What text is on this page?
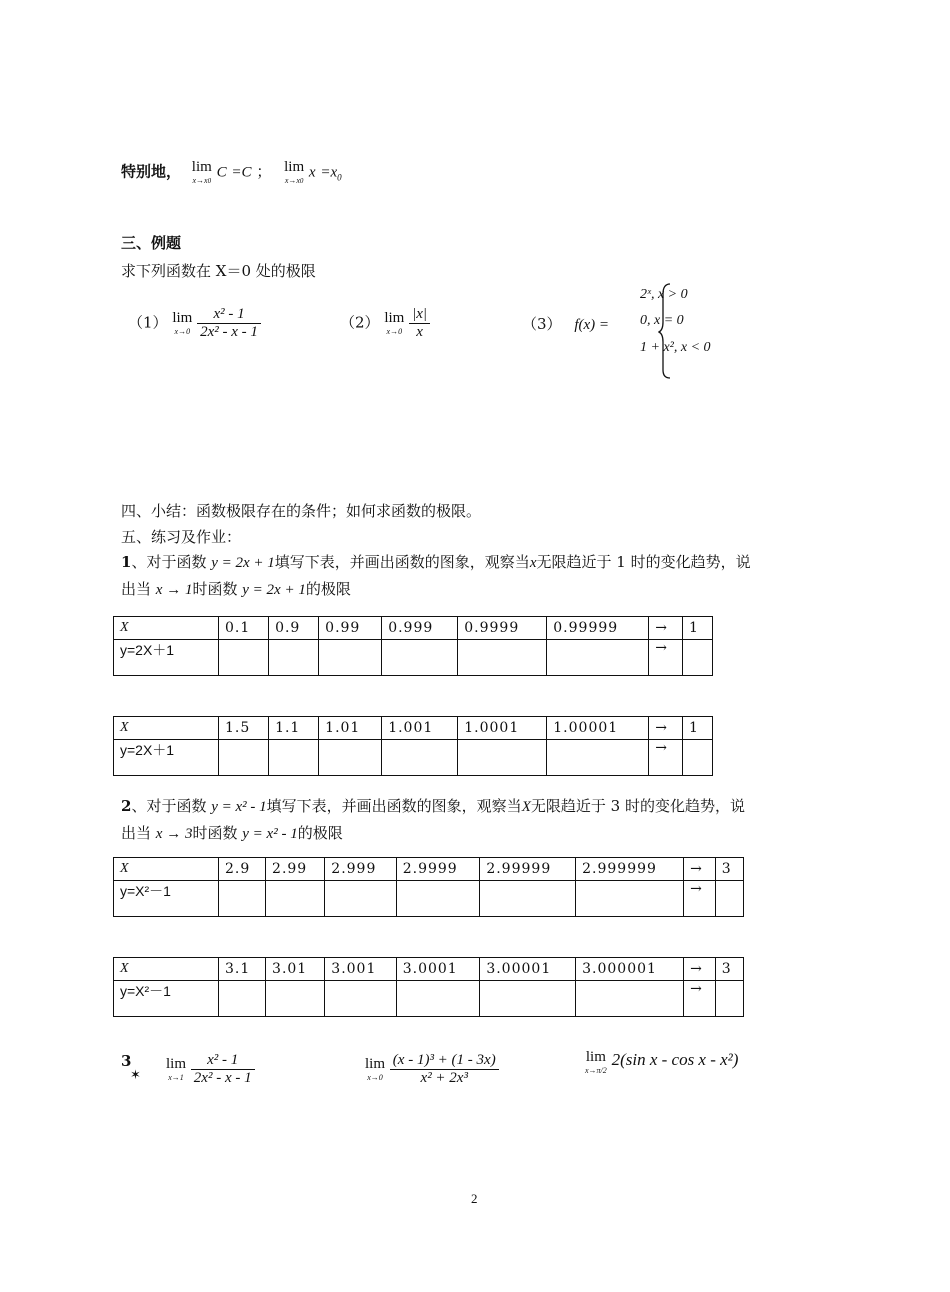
特别地， lim
x→x0
C =C ； lim
x→x0
$x =x_0$
三、例题
求下列函数在 X＝0 处的极限
（1） lim
x→0
$\frac{\text{x² - 1}}{\text{2x² - x - 1}}$	（2） lim
x→0
$\frac{|x|}{x}$	（3） f(x) =
2ˣ, x > 0
0, x = 0
1 + x², x < 0
四、小结：函数极限存在的条件；如何求函数的极限。
五、练习及作业：
1、对于函数 y = 2x + 1填写下表，并画出函数的图象，观察当x无限趋近于 1 时的变化趋势，说
出当 x → 1时函数 y = 2x + 1的极限
X	0.1	0.9	0.99	0.999	0.9999	0.99999	→	1
y=2X＋1							→	
X	1.5	1.1	1.01	1.001	1.0001	1.00001	→	1
y=2X＋1							→	
2、对于函数 y = x² - 1填写下表，并画出函数的图象，观察当X无限趋近于 3 时的变化趋势，说
出当 x → 3时函数 y = x² - 1的极限
X	2.9	2.99	2.999	2.9999	2.99999	2.999999	→	3
y=X²－1							→	
X	3.1	3.01	3.001	3.0001	3.00001	3.000001	→	3
y=X²－1							→	
3
✶
lim
x→1
$\frac{\text{x² - 1}}{\text{2x² - x - 1}}$	lim
x→0
$\frac{\text{(x - 1)³ + (1 - 3x)}}{\text{x² + 2x³}}$	lim
x→π/2
2(sin x - cos x - x²)
2
